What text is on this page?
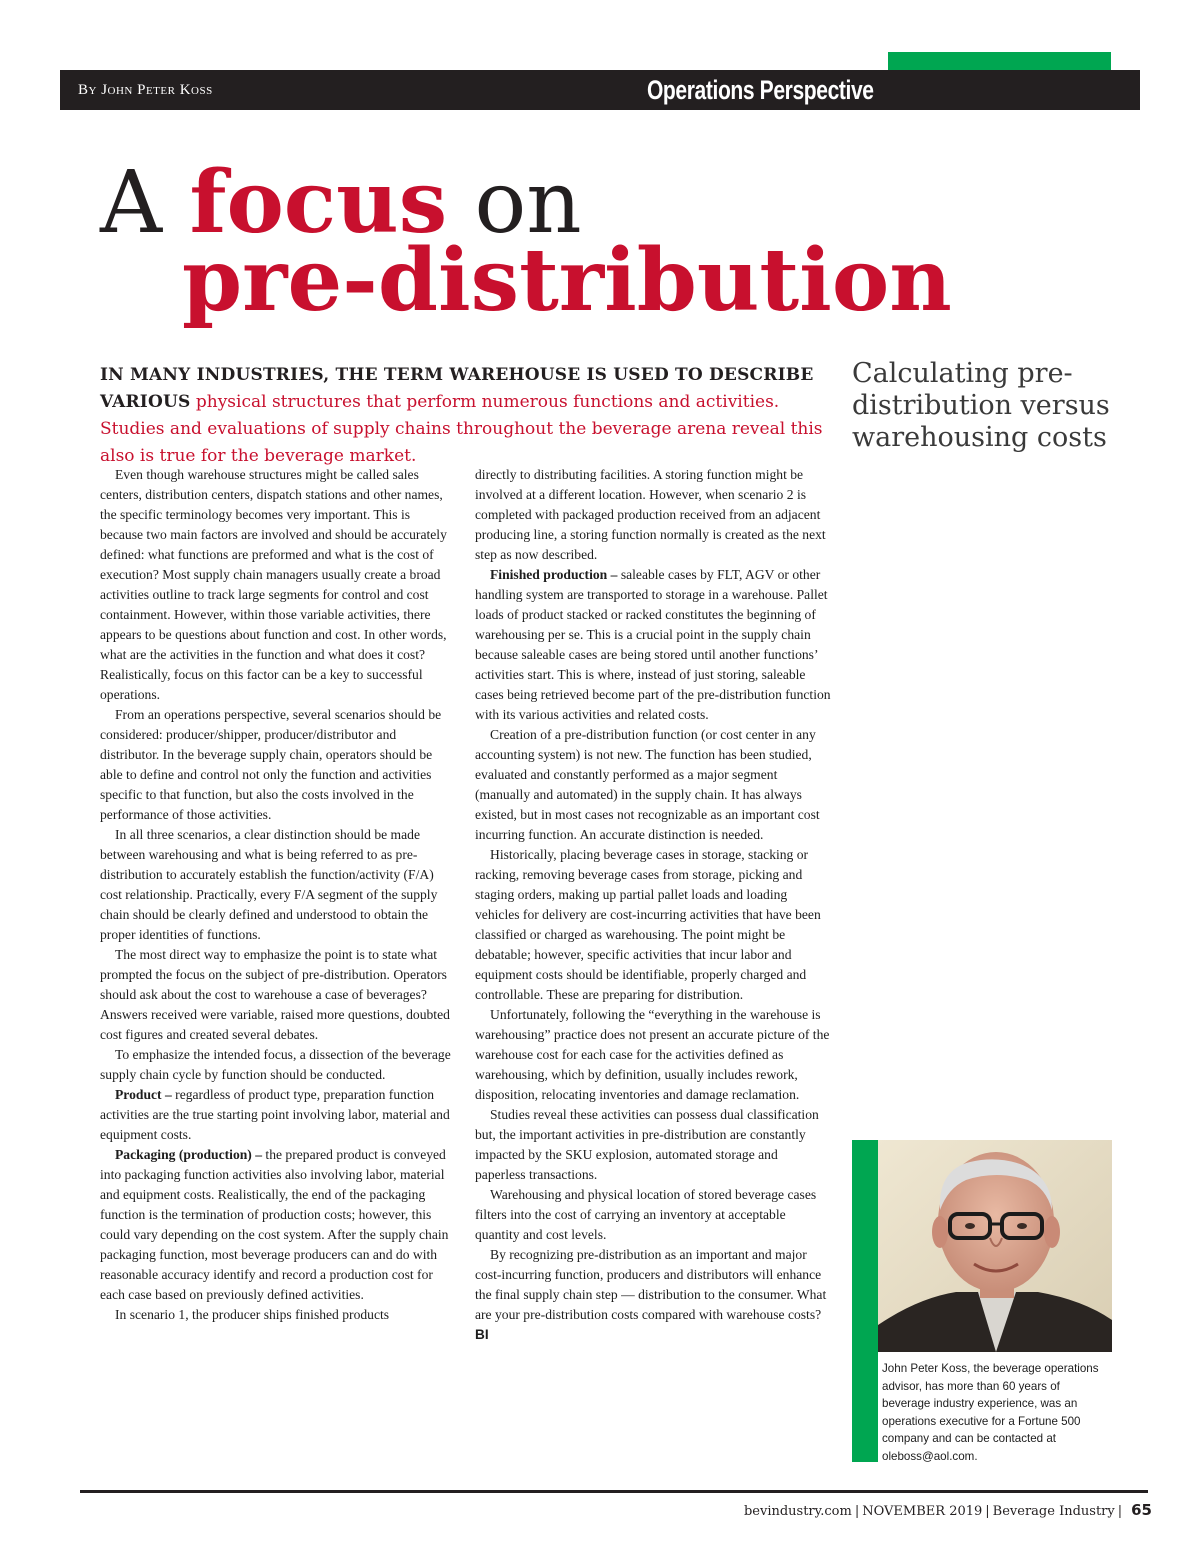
By John Peter Koss	Operations Perspective
A focus on
pre-distribution
Calculating pre-distribution versus warehousing costs
IN MANY INDUSTRIES, THE TERM WAREHOUSE IS USED TO DESCRIBE VARIOUS physical structures that perform numerous functions and activities. Studies and evaluations of supply chains throughout the beverage arena reveal this also is true for the beverage market.

Even though warehouse structures might be called sales centers, distribution centers, dispatch stations and other names, the specific terminology becomes very important. This is because two main factors are involved and should be accurately defined: what functions are preformed and what is the cost of execution? Most supply chain managers usually create a broad activities outline to track large segments for control and cost containment. However, within those variable activities, there appears to be questions about function and cost. In other words, what are the activities in the function and what does it cost? Realistically, focus on this factor can be a key to successful operations.

From an operations perspective, several scenarios should be considered: producer/shipper, producer/distributor and distributor. In the beverage supply chain, operators should be able to define and control not only the function and activities specific to that function, but also the costs involved in the performance of those activities.

In all three scenarios, a clear distinction should be made between warehousing and what is being referred to as pre-distribution to accurately establish the function/activity (F/A) cost relationship. Practically, every F/A segment of the supply chain should be clearly defined and understood to obtain the proper identities of functions.

The most direct way to emphasize the point is to state what prompted the focus on the subject of pre-distribution. Operators should ask about the cost to warehouse a case of beverages? Answers received were variable, raised more questions, doubted cost figures and created several debates.

To emphasize the intended focus, a dissection of the beverage supply chain cycle by function should be conducted.

Product – regardless of product type, preparation function activities are the true starting point involving labor, material and equipment costs.

Packaging (production) – the prepared product is conveyed into packaging function activities also involving labor, material and equipment costs. Realistically, the end of the packaging function is the termination of production costs; however, this could vary depending on the cost system. After the supply chain packaging function, most beverage producers can and do with reasonable accuracy identify and record a production cost for each case based on previously defined activities.

In scenario 1, the producer ships finished products

directly to distributing facilities. A storing function might be involved at a different location. However, when scenario 2 is completed with packaged production received from an adjacent producing line, a storing function normally is created as the next step as now described.

Finished production – saleable cases by FLT, AGV or other handling system are transported to storage in a warehouse. Pallet loads of product stacked or racked constitutes the beginning of warehousing per se. This is a crucial point in the supply chain because saleable cases are being stored until another functions’ activities start. This is where, instead of just storing, saleable cases being retrieved become part of the pre-distribution function with its various activities and related costs.

Creation of a pre-distribution function (or cost center in any accounting system) is not new. The function has been studied, evaluated and constantly performed as a major segment (manually and automated) in the supply chain. It has always existed, but in most cases not recognizable as an important cost incurring function. An accurate distinction is needed.

Historically, placing beverage cases in storage, stacking or racking, removing beverage cases from storage, picking and staging orders, making up partial pallet loads and loading vehicles for delivery are cost-incurring activities that have been classified or charged as warehousing. The point might be debatable; however, specific activities that incur labor and equipment costs should be identifiable, properly charged and controllable. These are preparing for distribution.

Unfortunately, following the “everything in the warehouse is warehousing” practice does not present an accurate picture of the warehouse cost for each case for the activities defined as warehousing, which by definition, usually includes rework, disposition, relocating inventories and damage reclamation.

Studies reveal these activities can possess dual classification but, the important activities in pre-distribution are constantly impacted by the SKU explosion, automated storage and paperless transactions.

Warehousing and physical location of stored beverage cases filters into the cost of carrying an inventory at acceptable quantity and cost levels.

By recognizing pre-distribution as an important and major cost-incurring function, producers and distributors will enhance the final supply chain step — distribution to the consumer. What are your pre-distribution costs compared with warehouse costs? BI

John Peter Koss, the beverage operations advisor, has more than 60 years of beverage industry experience, was an operations executive for a Fortune 500 company and can be contacted at oleboss@aol.com.
bevindustry.com | NOVEMBER 2019 | Beverage Industry | 65
